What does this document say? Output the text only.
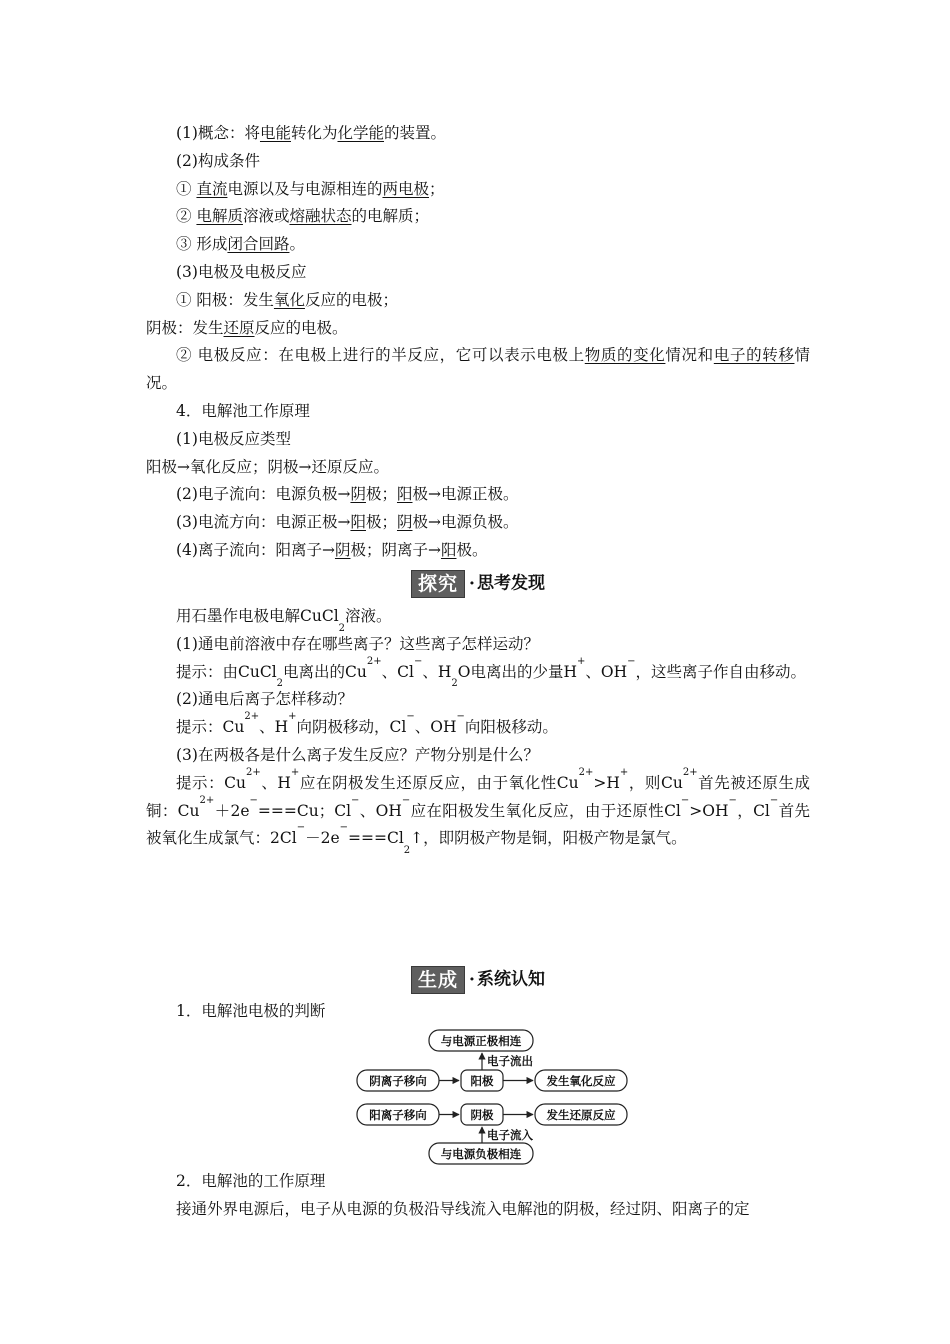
(1)概念：将电能转化为化学能的装置。
(2)构成条件
① 直流电源以及与电源相连的两电极；
② 电解质溶液或熔融状态的电解质；
③ 形成闭合回路。
(3)电极及电极反应
① 阳极：发生氧化反应的电极；
阴极：发生还原反应的电极。
② 电极反应：在电极上进行的半反应，它可以表示电极上物质的变化情况和电子的转移情况。
4．电解池工作原理
(1)电极反应类型
阳极→氧化反应；阴极→还原反应。
(2)电子流向：电源负极→阴极；阳极→电源正极。
(3)电流方向：电源正极→阳极；阴极→电源负极。
(4)离子流向：阳离子→阴极；阴离子→阳极。
探究 · 思考发现
用石墨作电极电解CuCl$_2$溶液。
(1)通电前溶液中存在哪些离子？这些离子怎样运动？
提示：由CuCl$_2$电离出的$Cu^{2+}$、Cl−、$H_2O$电离出的少量H+、OH−，这些离子作自由移动。
(2)通电后离子怎样移动？
提示：$Cu^{2+}$、H+向阴极移动，Cl−、OH−向阳极移动。
(3)在两极各是什么离子发生反应？产物分别是什么？
提示：$Cu^{2+}$、H+应在阴极发生还原反应，由于氧化性$Cu^{2+}>H^+$，则$Cu^{2+}$首先被还原生成铜：$Cu^{2+}+2e^-===Cu$；Cl−、OH−应在阳极发生氧化反应，由于还原性Cl−>OH−，Cl−首先被氧化生成氯气：$2Cl^--2e^-===Cl_2↑$，即阴极产物是铜，阳极产物是氯气。
生成 · 系统认知
1．电解池电极的判断
与电源正极相连
电子流出
阴离子移向	阳极	发生氧化反应
阳离子移向	阴极	发生还原反应
电子流入
与电源负极相连
2．电解池的工作原理
接通外界电源后，电子从电源的负极沿导线流入电解池的阴极，经过阴、阳离子的定
